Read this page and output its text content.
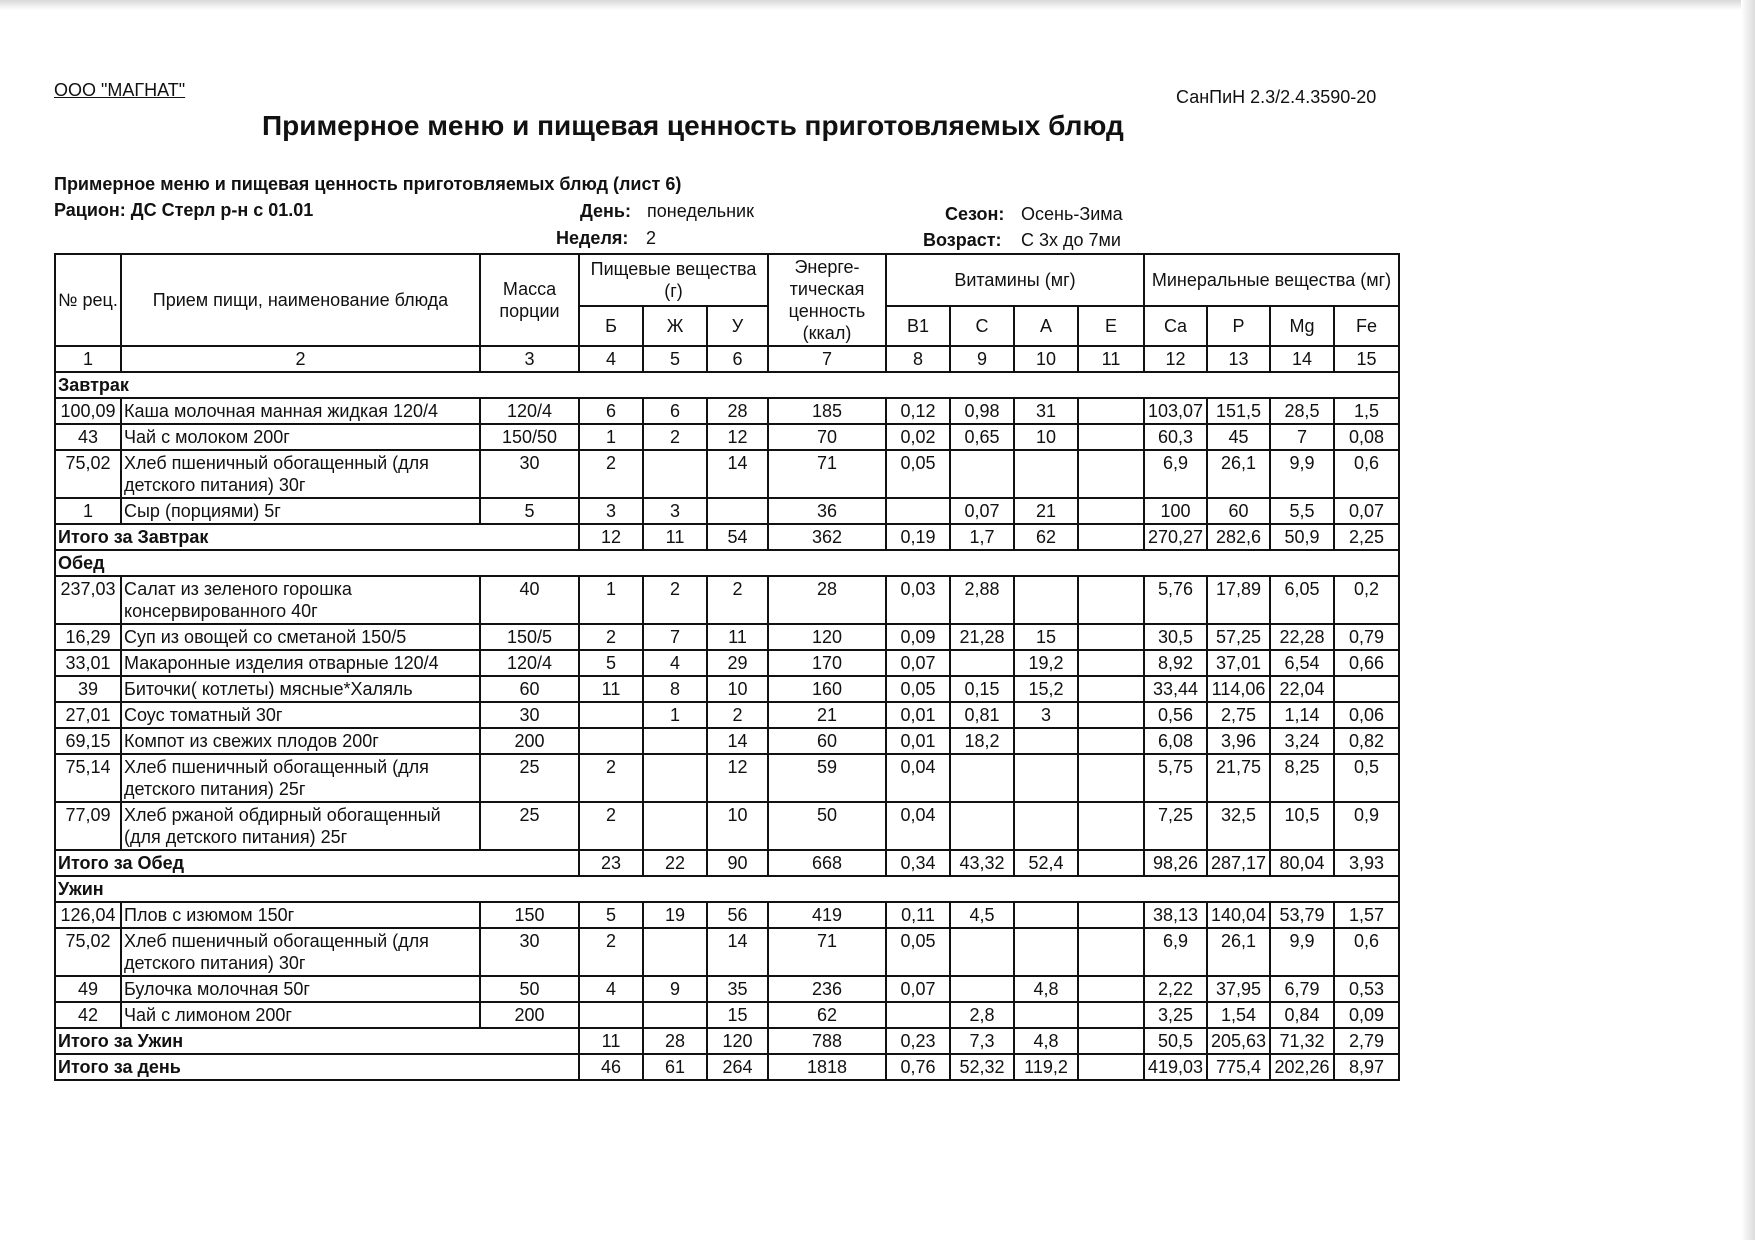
ООО "МАГНАТ"	СанПиН 2.3/2.4.3590-20
Примерное меню и пищевая ценность приготовляемых блюд
Примерное меню и пищевая ценность приготовляемых блюд (лист 6)
Рацион: ДС Стерл р-н с 01.01	День: понедельник
Неделя: 2
Сезон: Осень-Зима
Возраст: С 3х до 7ми
№ рец.	Прием пищи, наименование блюда	Масса порции	Пищевые вещества (г)			Энерге-тическая ценность (ккал)	Витамины (мг)				Минеральные вещества (мг)			
			Б	Ж	У		В1	С	А	Е	Ca	P	Mg	Fe
1	2	3	4	5	6	7	8	9	10	11	12	13	14	15
Завтрак														
100,09	Каша молочная манная жидкая 120/4	120/4	6	6	28	185	0,12	0,98	31		103,07	151,5	28,5	1,5
43	Чай с молоком 200г	150/50	1	2	12	70	0,02	0,65	10		60,3	45	7	0,08
75,02	Хлеб пшеничный обогащенный (для детского питания) 30г	30	2		14	71	0,05				6,9	26,1	9,9	0,6
1	Сыр (порциями) 5г	5	3	3		36		0,07	21		100	60	5,5	0,07
Итого за Завтрак			12	11	54	362	0,19	1,7	62		270,27	282,6	50,9	2,25
Обед														
237,03	Салат из зеленого горошка консервированного 40г	40	1	2	2	28	0,03	2,88			5,76	17,89	6,05	0,2
16,29	Суп из овощей со сметаной 150/5	150/5	2	7	11	120	0,09	21,28	15		30,5	57,25	22,28	0,79
33,01	Макаронные изделия отварные 120/4	120/4	5	4	29	170	0,07		19,2		8,92	37,01	6,54	0,66
39	Биточки( котлеты) мясные*Халяль	60	11	8	10	160	0,05	0,15	15,2		33,44	114,06	22,04	
27,01	Соус томатный 30г	30		1	2	21	0,01	0,81	3		0,56	2,75	1,14	0,06
69,15	Компот из свежих плодов 200г	200			14	60	0,01	18,2			6,08	3,96	3,24	0,82
75,14	Хлеб пшеничный обогащенный (для детского питания) 25г	25	2		12	59	0,04				5,75	21,75	8,25	0,5
77,09	Хлеб ржаной обдирный обогащенный (для детского питания) 25г	25	2		10	50	0,04				7,25	32,5	10,5	0,9
Итого за Обед			23	22	90	668	0,34	43,32	52,4		98,26	287,17	80,04	3,93
Ужин														
126,04	Плов с изюмом 150г	150	5	19	56	419	0,11	4,5			38,13	140,04	53,79	1,57
75,02	Хлеб пшеничный обогащенный (для детского питания) 30г	30	2		14	71	0,05				6,9	26,1	9,9	0,6
49	Булочка молочная 50г	50	4	9	35	236	0,07		4,8		2,22	37,95	6,79	0,53
42	Чай с лимоном 200г	200			15	62		2,8			3,25	1,54	0,84	0,09
Итого за Ужин			11	28	120	788	0,23	7,3	4,8		50,5	205,63	71,32	2,79
Итого за день			46	61	264	1818	0,76	52,32	119,2		419,03	775,4	202,26	8,97
